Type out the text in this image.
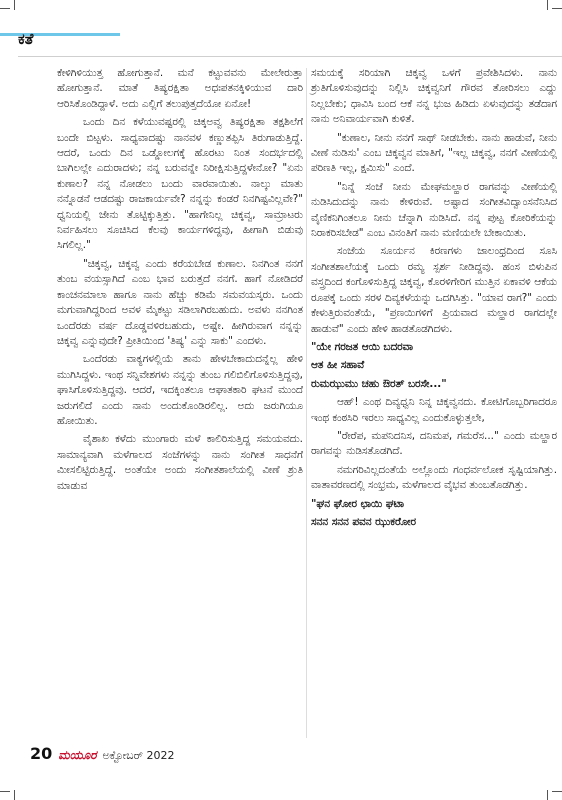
ಕತೆ

ಕೇಳಿಗಿಳಿಯುತ್ತ ಹೋಗುತ್ತಾನೆ. ಮನೆ ಕಟ್ಟುವವನು ಮೇಲೇರುತ್ತಾ ಹೋಗುತ್ತಾನೆ. ಮಾತೆ ತಿಷ್ಯರಕ್ಷಿತಾ ಅಧಃಪತನಕ್ಕಿಳಿಯುವ ದಾರಿ ಆರಿಸಿಕೊಂಡಿದ್ದಾಳೆ. ಅದು ಎಲ್ಲಿಗೆ ತಲುಪುತ್ತದೆಯೋ ಏನೋ!

ಒಂದು ದಿನ ಕಳೆಯುವಷ್ಟರಲ್ಲಿ ಚಿಕ್ಕಅವ್ವ ತಿಷ್ಯರಕ್ಷಿತಾ ತಕ್ಷಶಿಲೆಗೆ ಬಂದೇ ಬಿಟ್ಟಳು. ಸಾಧ್ಯವಾದಷ್ಟು ನಾನವಳ ಕಣ್ಣುತಪ್ಪಿಸಿ ತಿರುಗಾಡುತ್ತಿದ್ದೆ. ಆದರೆ, ಒಂದು ದಿನ ಒಡ್ಡೋಲಗಕ್ಕೆ ಹೊರಟು ನಿಂತ ಸಂದರ್ಭದಲ್ಲಿ ಬಾಗಿಲಲ್ಲೇ ಎದುರಾದಳು; ನನ್ನ ಬರುವನ್ನೇ ನಿರೀಕ್ಷಿಸುತ್ತಿದ್ದಳೇನೋ? "ಏನು ಕುಣಾಲ? ನನ್ನ ನೋಡಲು ಬಂದು ವಾರವಾಯಿತು. ನಾಲ್ಕು ಮಾತು ನನ್ನೊಡನೆ ಆಡದಷ್ಟು ರಾಜಕಾರ್ಯವೇ? ನನ್ನನ್ನು ಕಂಡರೆ ನಿನಗಿಷ್ಟವಿಲ್ಲವೇ?" ಧ್ವನಿಯಲ್ಲಿ ಜೇನು ತೊಟ್ಟಿಕ್ಕುತ್ತಿತ್ತು. "ಹಾಗೇನಿಲ್ಲ ಚಿಕ್ಕವ್ವ, ಸಾಮ್ರಾಟರು ನಿರ್ವಹಿಸಲು ಸೂಚಿಸಿದ ಕೆಲವು ಕಾರ್ಯಗಳಿದ್ದವು, ಹೀಗಾಗಿ ಬಿಡುವು ಸಿಗಲಿಲ್ಲ."

"ಚಿಕ್ಕವ್ವ, ಚಿಕ್ಕವ್ವ ಎಂದು ಕರೆಯಬೇಡ ಕುಣಾಲ. ನಿನಗಿಂತ ನನಗೆ ತುಂಬ ವಯಸ್ಸಾಗಿದೆ ಎಂಬ ಭಾವ ಬರುತ್ತದೆ ನನಗೆ. ಹಾಗೆ ನೋಡಿದರೆ ಕಾಂಚನಮಾಲಾ ಹಾಗೂ ನಾನು ಹೆಚ್ಚು ಕಡಿಮೆ ಸಮವಯಸ್ಕರು. ಒಂದು ಮಗುವಾಗಿದ್ದರಿಂದ ಅವಳ ಮೈಕಟ್ಟು ಸಡಿಲಾಗಿರಬಹುದು. ಅವಳು ನನಗಿಂತ ಒಂದೆರಡು ವರ್ಷ ದೊಡ್ಡವಳಿರಬಹುದು, ಅಷ್ಟೇ. ಹೀಗಿರುವಾಗ ನನ್ನನ್ನು ಚಿಕ್ಕವ್ವ ಎನ್ನುವುದೇ? ಪ್ರೀತಿಯಿಂದ 'ತಿಷ್ಯ' ಎನ್ನು ಸಾಕು" ಎಂದಳು.

ಒಂದೆರಡು ವಾಕ್ಯಗಳಲ್ಲಿಯೆ ತಾನು ಹೇಳಬೇಕಾದುದನ್ನೆಲ್ಲ ಹೇಳಿ ಮುಗಿಸಿದ್ದಳು. ಇಂಥ ಸನ್ನಿವೇಶಗಳು ನನ್ನನ್ನು ತುಂಬ ಗಲಿಬಿಲಿಗೊಳಿಸುತ್ತಿದ್ದವು, ಘಾಸಿಗೊಳಿಸುತ್ತಿದ್ದವು. ಆದರೆ, ಇದಕ್ಕಿಂತಲೂ ಆಘಾತಕಾರಿ ಘಟನೆ ಮುಂದೆ ಜರುಗಲಿದೆ ಎಂದು ನಾನು ಅಂದುಕೊಂಡಿರಲಿಲ್ಲ. ಅದು ಜರುಗಿಯೂ ಹೋಯಿತು.

ವೈಶಾಖ ಕಳೆದು ಮುಂಗಾರು ಮಳೆ ಕಾಲಿರಿಸುತ್ತಿದ್ದ ಸಮಯವದು. ಸಾಮಾನ್ಯವಾಗಿ ಮಳೆಗಾಲದ ಸಂಜೆಗಳನ್ನು ನಾನು ಸಂಗೀತ ಸಾಧನೆಗೆ ಮೀಸಲಿಟ್ಟಿರುತ್ತಿದ್ದೆ. ಅಂತೆಯೇ ಅಂದು ಸಂಗೀತಶಾಲೆಯಲ್ಲಿ ವೀಣೆ ಶ್ರುತಿ ಮಾಡುವ

ಸಮಯಕ್ಕೆ ಸರಿಯಾಗಿ ಚಿಕ್ಕವ್ವ ಒಳಗೆ ಪ್ರವೇಶಿಸಿದಳು. ನಾನು ಶ್ರುತಿಗೊಳಿಸುವುದನ್ನು ನಿಲ್ಲಿಸಿ ಚಿಕ್ಕವ್ವನಿಗೆ ಗೌರವ ತೋರಿಸಲು ಎದ್ದು ನಿಲ್ಲಬೇಕು; ಧಾವಿಸಿ ಬಂದ ಆಕೆ ನನ್ನ ಭುಜ ಹಿಡಿದು ಏಳುವುದನ್ನು ತಡೆದಾಗ ನಾನು ಅನಿವಾರ್ಯವಾಗಿ ಕುಳಿತೆ.

"ಕುಣಾಲ, ನೀನು ನನಗೆ ಸಾಥ್ ನೀಡಬೇಕು. ನಾನು ಹಾಡುವೆ, ನೀನು ವೀಣೆ ನುಡಿಸು' ಎಂಬ ಚಿಕ್ಕವ್ವನ ಮಾತಿಗೆ, "ಇಲ್ಲ ಚಿಕ್ಕವ್ವ, ನನಗೆ ವೀಣೆಯಲ್ಲಿ ಪರಿಣತಿ ಇಲ್ಲ, ಕ್ಷಮಿಸು" ಎಂದೆ.

"ನಿನ್ನೆ ಸಂಜೆ ನೀನು ಮೇಘಮಲ್ಹಾರ ರಾಗವನ್ನು ವೀಣೆಯಲ್ಲಿ ನುಡಿಸಿದುದನ್ನು ನಾನು ಕೇಳಿರುವೆ. ಅಷ್ಟಾದ ಸಂಗೀತವಿದ್ವಾಂಸನೆನಿಸಿದ ವೈಣಿಕನಿಗಿಂತಲೂ ನೀನು ಚೆನ್ನಾಗಿ ನುಡಿಸಿದೆ. ನನ್ನ ಪುಟ್ಟ ಕೋರಿಕೆಯನ್ನು ನಿರಾಕರಿಸಬೇಡ" ಎಂಬ ವಿನಂತಿಗೆ ನಾನು ಮಣಿಯಲೇ ಬೇಕಾಯಿತು.

ಸಂಜೆಯ ಸೂರ್ಯನ ಕಿರಣಗಳು ಜಾಲಂಧ್ರದಿಂದ ಸೂಸಿ ಸಂಗೀತಶಾಲೆಯಕ್ಕೆ ಒಂದು ರಮ್ಯ ಸ್ಪರ್ಶ ನೀಡಿದ್ದವು. ಹಂಸ ಬಿಳುಪಿನ ವಸ್ತ್ರದಿಂದ ಕಂಗೊಳಿಸುತ್ತಿದ್ದ ಚಿಕ್ಕವ್ವ, ಕೊರಳಿಗೇರಿಗ ಮುತ್ತಿನ ಏಕಾವಳಿ ಆಕೆಯ ರೂಪಕ್ಕೆ ಒಂದು ಸರಳ ದಿವ್ಯಕಳೆಯನ್ನು ಒದಗಿಸಿತ್ತು. "ಯಾವ ರಾಗ?" ಎಂದು ಕೇಳುತ್ತಿರುವಂತೆಯೆ, "ಪ್ರಣಯಿಗಳಿಗೆ ಪ್ರಿಯವಾದ ಮಲ್ಹಾರ ರಾಗದಲ್ಲೇ ಹಾಡುವೆ" ಎಂದು ಹೇಳಿ ಹಾಡತೊಡಗಿದಳು.

"ಯೇ ಗರಜತ ಆಯಿ ಬದರವಾ

ಆತ ಹೀ ಸಹಾವೆ

ರುಮಝುಮು ಚಹು ಔರತ್ ಬರಸೇ..."

ಆಹ್! ಎಂಥ ದಿವ್ಯಧ್ವನಿ ನಿನ್ನ ಚಿಕ್ಕವ್ವನದು. ಕೋಟಿಗೊಬ್ಬರಿಗಾದರೂ ಇಂಥ ಕಂಠಸಿರಿ ಇರಲು ಸಾಧ್ಯವಿಲ್ಲ ಎಂದುಕೊಳ್ಳುತ್ತಲೇ,

"ರೇರೆಪ, ಮಪನಿದನಿಸ, ದನಿಮಪ, ಗಮರೆಸ..." ಎಂದು ಮಲ್ಹಾರ ರಾಗವನ್ನು ನುಡಿಸತೊಡಗಿದೆ.

ನಮಗರಿವಿಲ್ಲದಂತೆಯೆ ಅಲ್ಲೊಂದು ಗಂಧರ್ವಲೋಕ ಸೃಷ್ಟಿಯಾಗಿತ್ತು. ವಾತಾವರಣದಲ್ಲಿ ಸಂಭ್ರಮ, ಮಳೆಗಾಲದ ವೈಭವ ತುಂಬತೊಡಗಿತ್ತು.

"ಘನ ಘೋರ ಛಾಯಿ ಘಟಾ

ಸನನ ಸನನ ಪವನ ಝುಕರೋರ

20 ಮಯೂರ ಅಕ್ಟೋಬರ್ 2022
